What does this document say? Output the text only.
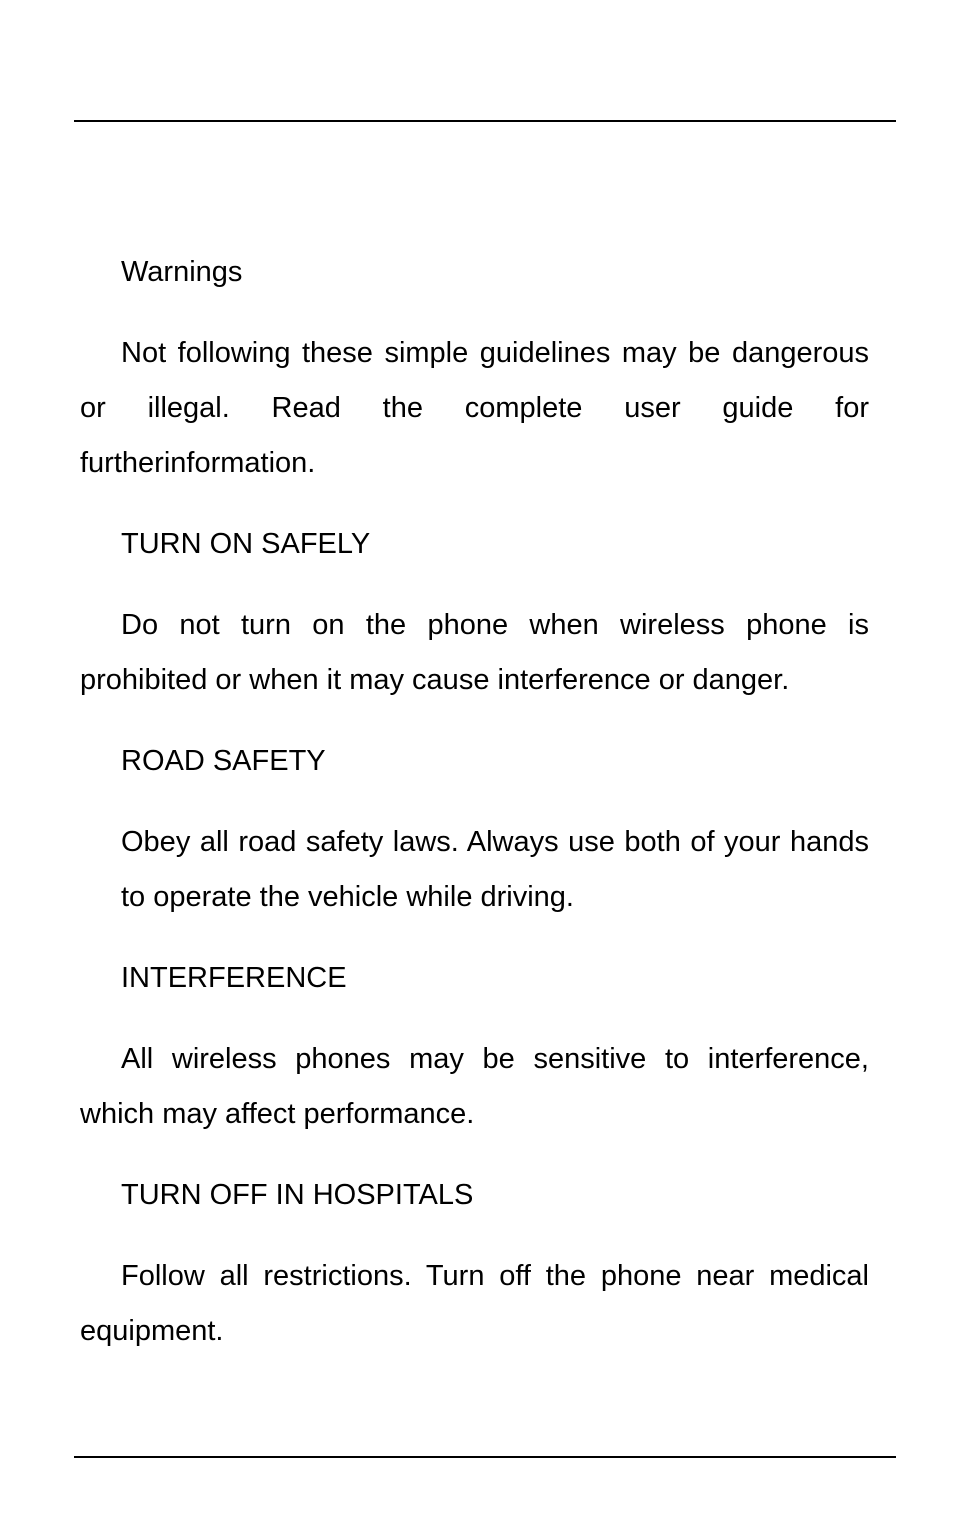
Warnings

Not following these simple guidelines may be dangerous or illegal. Read the complete user guide for furtherinformation.

TURN ON SAFELY

Do not turn on the phone when wireless phone is prohibited or when it may cause interference or danger.

ROAD SAFETY

Obey all road safety laws. Always use both of your hands to operate the vehicle while driving.

INTERFERENCE

All wireless phones may be sensitive to interference, which may affect performance.

TURN OFF IN HOSPITALS

Follow all restrictions. Turn off the phone near medical equipment.
